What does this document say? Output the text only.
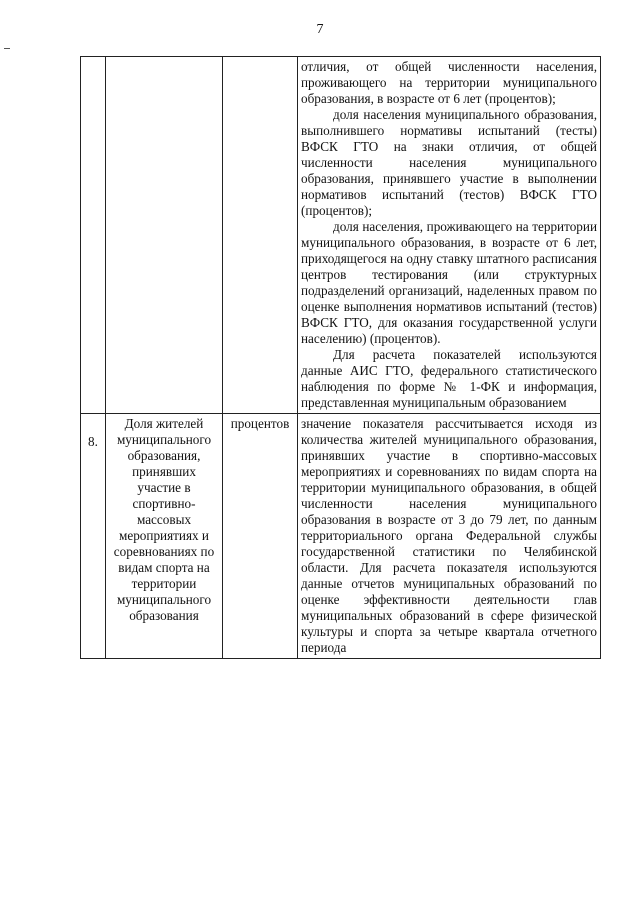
7

			отличия, от общей численности населения, проживающего на территории муниципального образования, в возрасте от 6 лет (процентов);

доля населения муниципального образования, выполнившего нормативы испытаний (тесты) ВФСК ГТО на знаки отличия, от общей численности населения муниципального образования, принявшего участие в выполнении нормативов испытаний (тестов) ВФСК ГТО (процентов);

доля населения, проживающего на территории муниципального образования, в возрасте от 6 лет, приходящегося на одну ставку штатного расписания центров тестирования (или структурных подразделений организаций, наделенных правом по оценке выполнения нормативов испытаний (тестов) ВФСК ГТО, для оказания государственной услуги населению) (процентов).

Для расчета показателей используются данные АИС ГТО, федерального статистического наблюдения по форме № 1-ФК и информация, представленная муниципальным образованием

8.	Доля жителей муниципального образования, принявших участие в спортивно-массовых мероприятиях и соревнованиях по видам спорта на территории муниципального образования	процентов	значение показателя рассчитывается исходя из количества жителей муниципального образования, принявших участие в спортивно-массовых мероприятиях и соревнованиях по видам спорта на территории муниципального образования, в общей численности населения муниципального образования в возрасте от 3 до 79 лет, по данным территориального органа Федеральной службы государственной статистики по Челябинской области. Для расчета показателя используются данные отчетов муниципальных образований по оценке эффективности деятельности глав муниципальных образований в сфере физической культуры и спорта за четыре квартала отчетного периода
